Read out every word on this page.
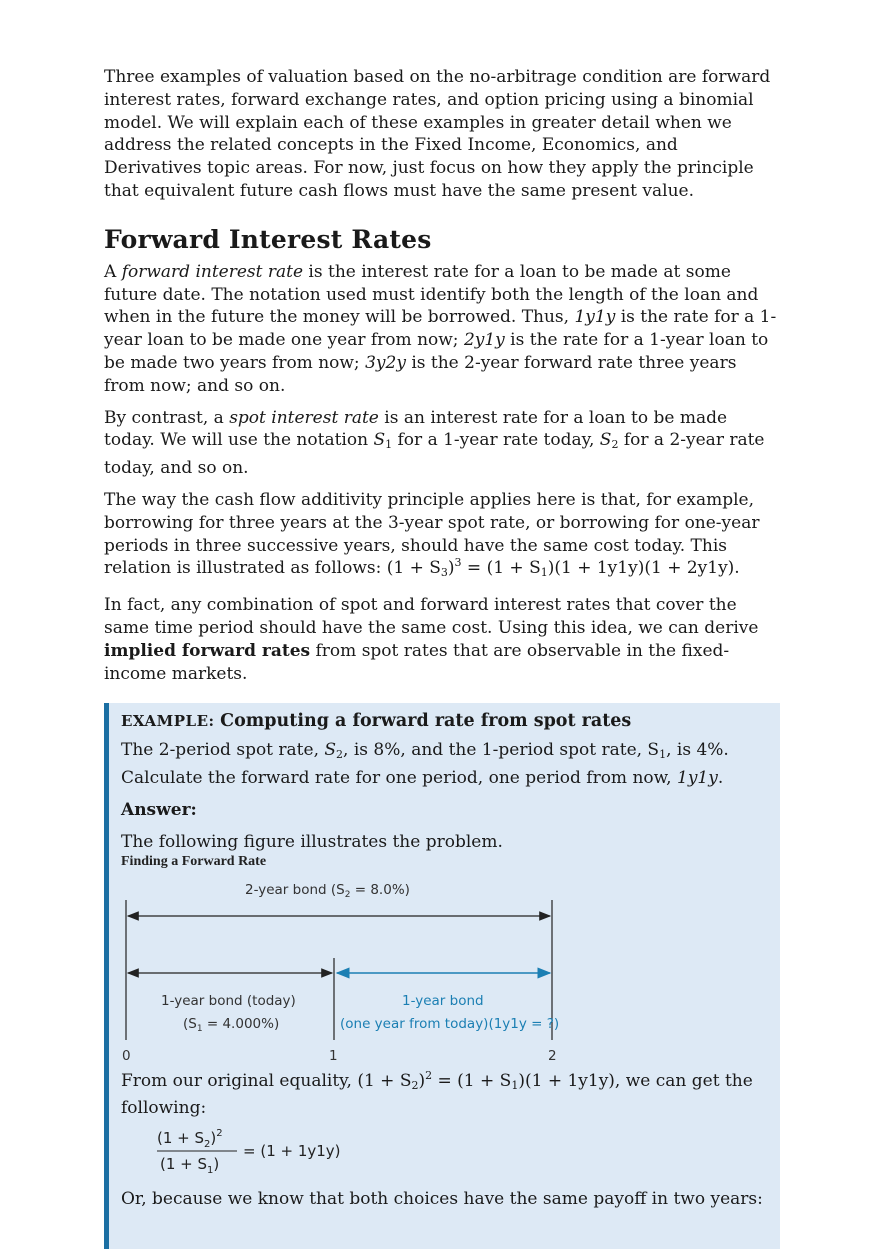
Three examples of valuation based on the no-arbitrage condition are forward interest rates, forward exchange rates, and option pricing using a binomial model. We will explain each of these examples in greater detail when we address the related concepts in the Fixed Income, Economics, and Derivatives topic areas. For now, just focus on how they apply the principle that equivalent future cash flows must have the same present value.

Forward Interest Rates

A forward interest rate is the interest rate for a loan to be made at some future date. The notation used must identify both the length of the loan and when in the future the money will be borrowed. Thus, 1y1y is the rate for a 1-year loan to be made one year from now; 2y1y is the rate for a 1-year loan to be made two years from now; 3y2y is the 2-year forward rate three years from now; and so on.

By contrast, a spot interest rate is an interest rate for a loan to be made today. We will use the notation $S_1$ for a 1-year rate today, $S_2$ for a 2-year rate today, and so on.

The way the cash flow additivity principle applies here is that, for example, borrowing for three years at the 3-year spot rate, or borrowing for one-year periods in three successive years, should have the same cost today. This relation is illustrated as follows: $(1 + S_3)^3 = (1 + S_1)(1 + 1y1y)(1 + 2y1y)$.

In fact, any combination of spot and forward interest rates that cover the same time period should have the same cost. Using this idea, we can derive implied forward rates from spot rates that are observable in the fixed-income markets.

EXAMPLE: Computing a forward rate from spot rates

The 2-period spot rate, $S_2$, is 8%, and the 1-period spot rate, $S_1$, is 4%. Calculate the forward rate for one period, one period from now, 1y1y.

Answer:

The following figure illustrates the problem.

Finding a Forward Rate
2-year bond $(S_2 = 8.0\%)$
1-year bond (today)
$(S_1 = 4.000\%)$
1-year bond
(one year from today)(1y1y = ?)
0	1	2

From our original equality, $(1 + S_2)^2 = (1 + S_1)(1 + 1y1y)$, we can get the following:

$(1 + S_2)^2$
$(1 + S_1)$
= (1 + 1y1y)

Or, because we know that both choices have the same payoff in two years:
